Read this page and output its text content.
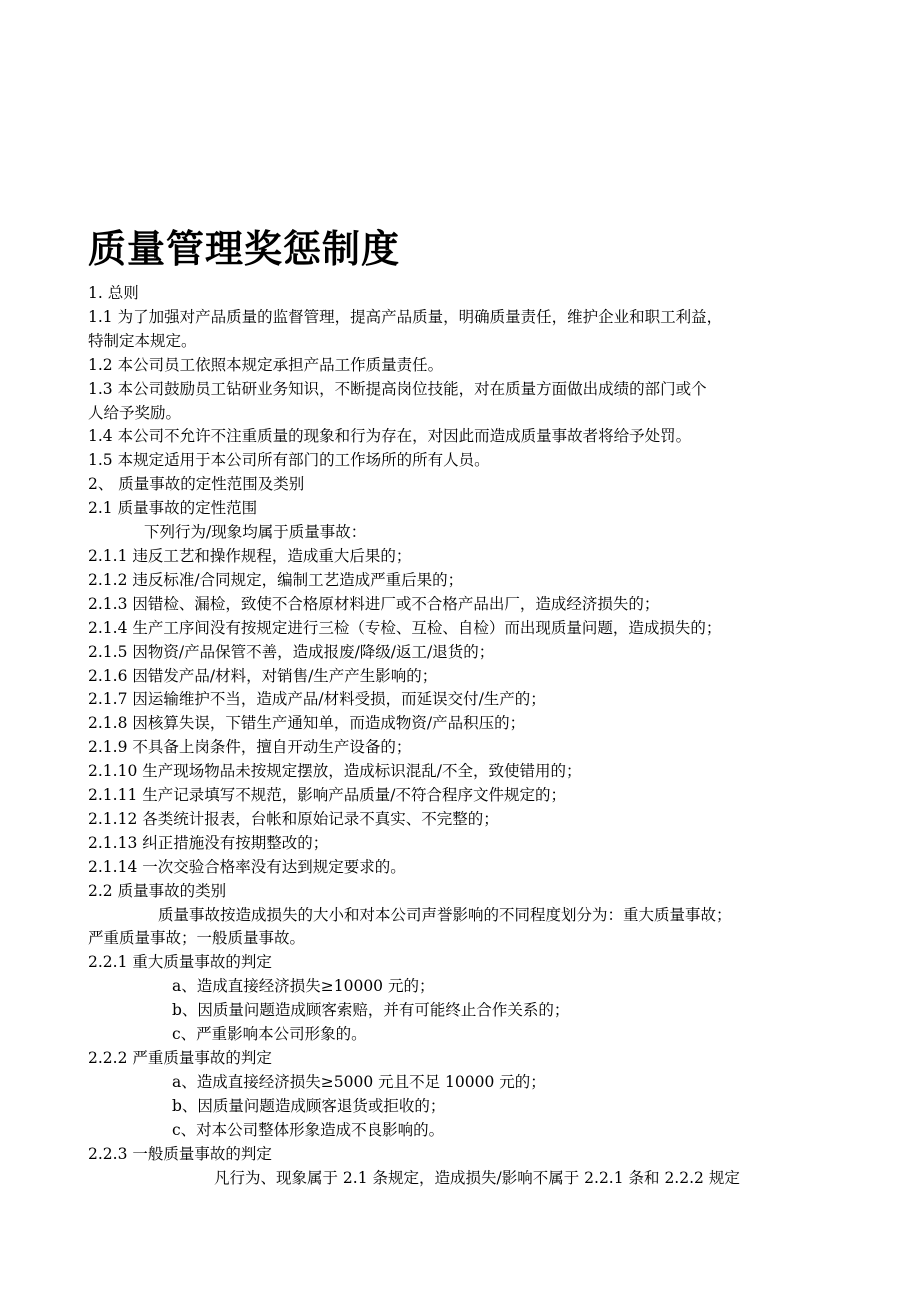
质量管理奖惩制度
1. 总则
1.1 为了加强对产品质量的监督管理，提高产品质量，明确质量责任，维护企业和职工利益，
特制定本规定。
1.2 本公司员工依照本规定承担产品工作质量责任。
1.3 本公司鼓励员工钻研业务知识，不断提高岗位技能，对在质量方面做出成绩的部门或个
人给予奖励。
1.4 本公司不允许不注重质量的现象和行为存在，对因此而造成质量事故者将给予处罚。
1.5 本规定适用于本公司所有部门的工作场所的所有人员。
2、 质量事故的定性范围及类别
2.1 质量事故的定性范围
下列行为/现象均属于质量事故：
2.1.1 违反工艺和操作规程，造成重大后果的；
2.1.2 违反标准/合同规定，编制工艺造成严重后果的；
2.1.3 因错检、漏检，致使不合格原材料进厂或不合格产品出厂，造成经济损失的；
2.1.4 生产工序间没有按规定进行三检（专检、互检、自检）而出现质量问题，造成损失的；
2.1.5 因物资/产品保管不善，造成报废/降级/返工/退货的；
2.1.6 因错发产品/材料，对销售/生产产生影响的；
2.1.7 因运输维护不当，造成产品/材料受损，而延误交付/生产的；
2.1.8 因核算失误，下错生产通知单，而造成物资/产品积压的；
2.1.9 不具备上岗条件，擅自开动生产设备的；
2.1.10 生产现场物品未按规定摆放，造成标识混乱/不全，致使错用的；
2.1.11 生产记录填写不规范，影响产品质量/不符合程序文件规定的；
2.1.12 各类统计报表，台帐和原始记录不真实、不完整的；
2.1.13 纠正措施没有按期整改的；
2.1.14 一次交验合格率没有达到规定要求的。
2.2 质量事故的类别
质量事故按造成损失的大小和对本公司声誉影响的不同程度划分为：重大质量事故；
严重质量事故；一般质量事故。
2.2.1 重大质量事故的判定
a、造成直接经济损失≥10000 元的；
b、因质量问题造成顾客索赔，并有可能终止合作关系的；
c、严重影响本公司形象的。
2.2.2 严重质量事故的判定
a、造成直接经济损失≥5000 元且不足 10000 元的；
b、因质量问题造成顾客退货或拒收的；
c、对本公司整体形象造成不良影响的。
2.2.3 一般质量事故的判定
凡行为、现象属于 2.1 条规定，造成损失/影响不属于 2.2.1 条和 2.2.2 规定
